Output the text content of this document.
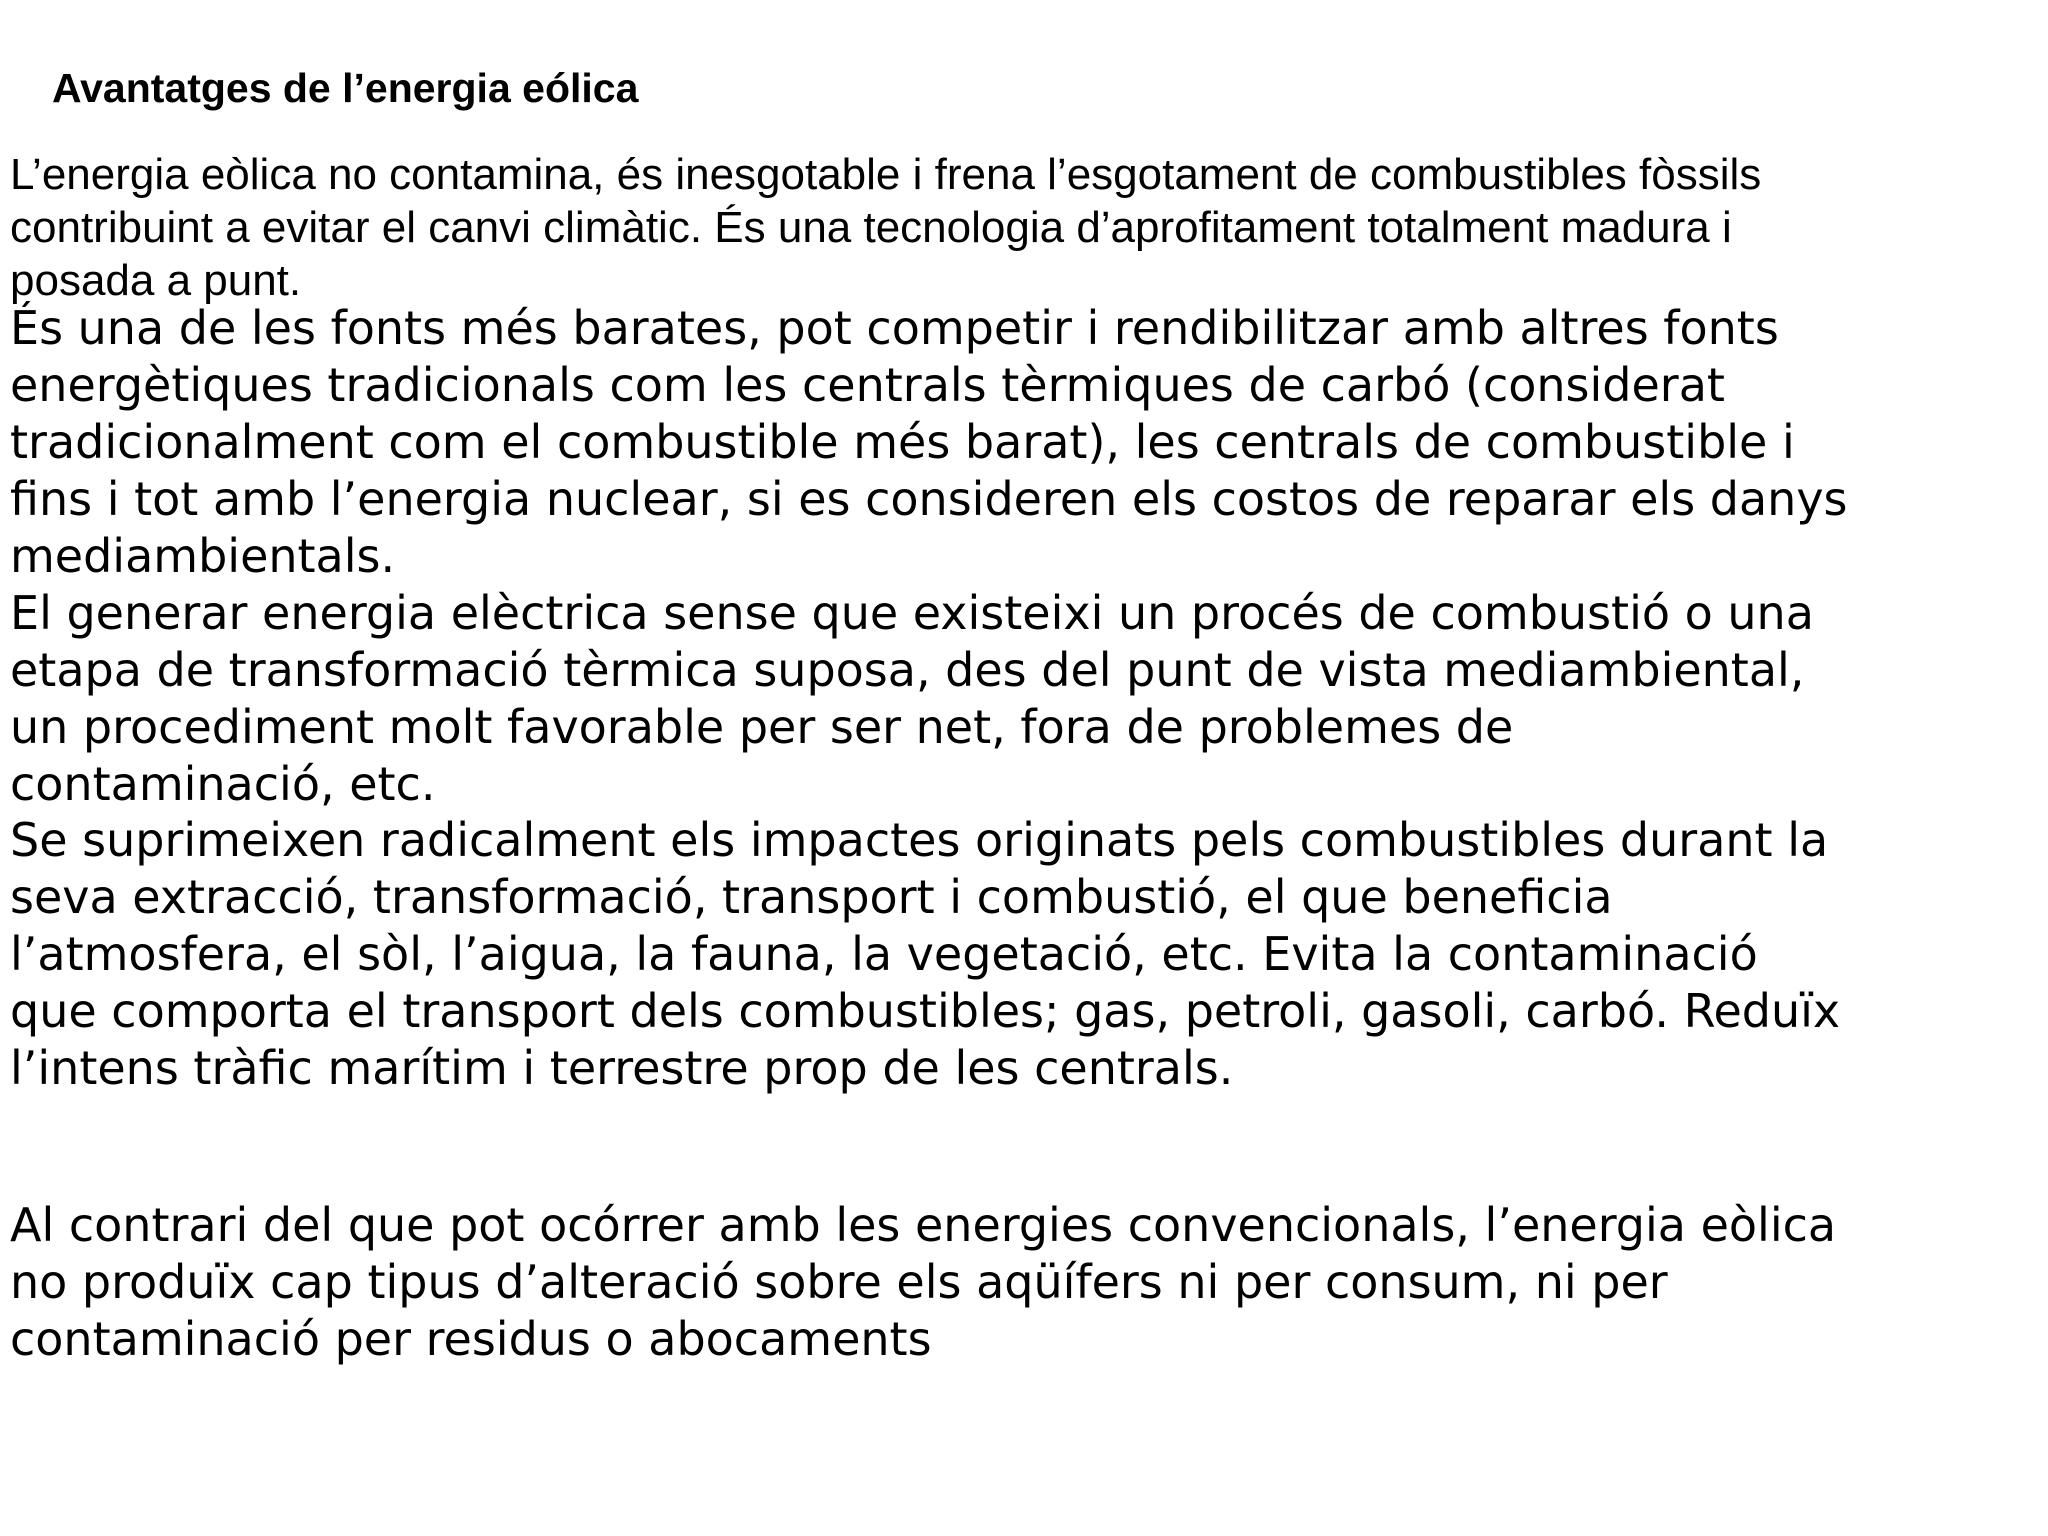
Avantatges de l’energia eólica

L’energia eòlica no contamina, és inesgotable i frena l’esgotament de combustibles fòssils
contribuint a evitar el canvi climàtic. És una tecnologia d’aprofitament totalment madura i
posada a punt.

És una de les fonts més barates, pot competir i rendibilitzar amb altres fonts
energètiques tradicionals com les centrals tèrmiques de carbó (considerat
tradicionalment com el combustible més barat), les centrals de combustible i
fins i tot amb l’energia nuclear, si es consideren els costos de reparar els danys
mediambientals.

El generar energia elèctrica sense que existeixi un procés de combustió o una
etapa de transformació tèrmica suposa, des del punt de vista mediambiental,
un procediment molt favorable per ser net, fora de problemes de
contaminació, etc.

Se suprimeixen radicalment els impactes originats pels combustibles durant la
seva extracció, transformació, transport i combustió, el que beneficia
l’atmosfera, el sòl, l’aigua, la fauna, la vegetació, etc. Evita la contaminació
que comporta el transport dels combustibles; gas, petroli, gasoli, carbó. Reduïx
l’intens tràfic marítim i terrestre prop de les centrals.

Al contrari del que pot ocórrer amb les energies convencionals, l’energia eòlica
no produïx cap tipus d’alteració sobre els aqüífers ni per consum, ni per
contaminació per residus o abocaments
